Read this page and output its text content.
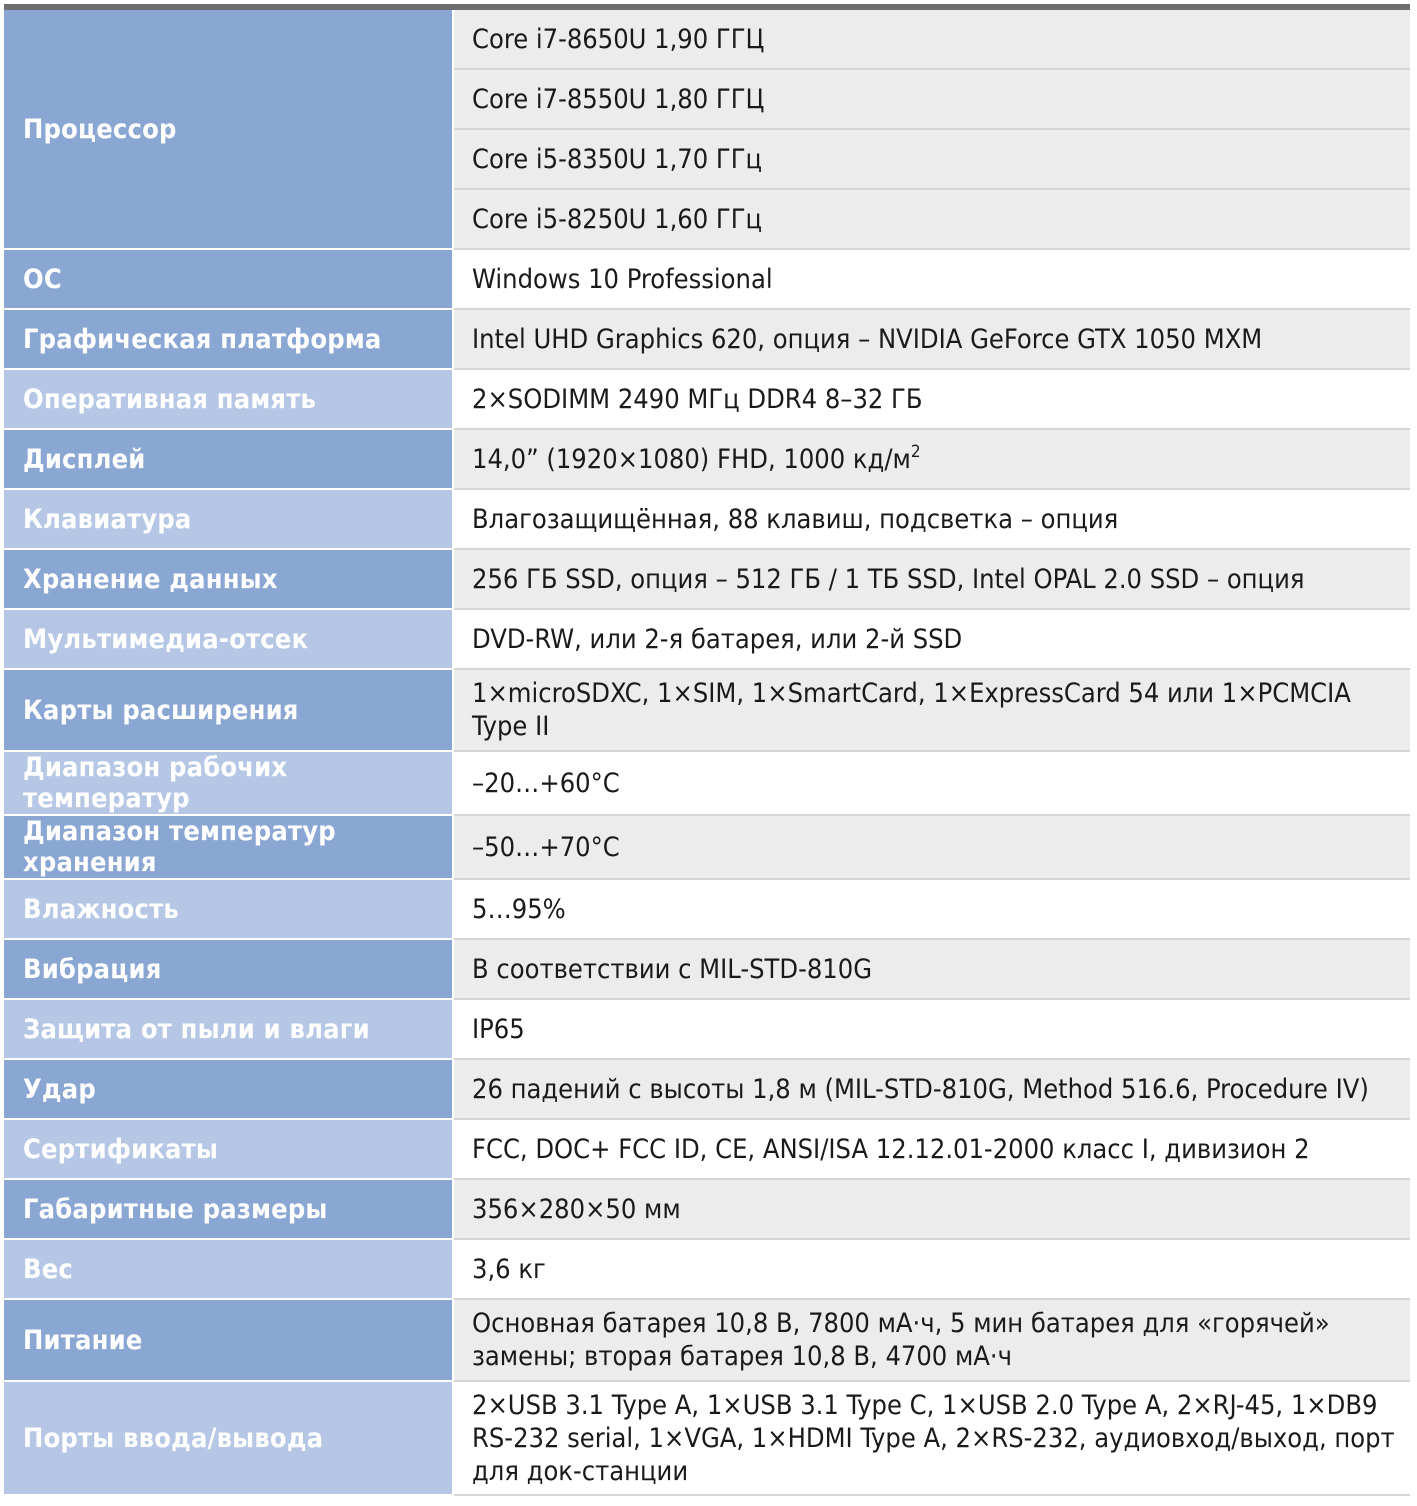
Процессор	Core i7-8650U 1,90 ГГЦ
	Core i7-8550U 1,80 ГГЦ
	Core i5-8350U 1,70 ГГц
	Core i5-8250U 1,60 ГГц
ОС	Windows 10 Professional
Графическая платформа	Intel UHD Graphics 620, опция – NVIDIA GeForce GTX 1050 MXM
Оперативная память	2×SODIMM 2490 МГц DDR4 8–32 ГБ
Дисплей	14,0” (1920×1080) FHD, 1000 $кд/м^2$
Клавиатура	Влагозащищённая, 88 клавиш, подсветка – опция
Хранение данных	256 ГБ SSD, опция – 512 ГБ / 1 ТБ SSD, Intel OPAL 2.0 SSD – опция
Мультимедиа-отсек	DVD-RW, или 2-я батарея, или 2-й SSD
Карты расширения	1×microSDXC, 1×SIM, 1×SmartCard, 1×ExpressCard 54 или 1×PCMCIA Type II
Диапазон рабочих температур	–20…+60°C
Диапазон температур хранения	–50…+70°C
Влажность	5…95%
Вибрация	В соответствии с MIL-STD-810G
Защита от пыли и влаги	IP65
Удар	26 падений с высоты 1,8 м (MIL-STD-810G, Method 516.6, Procedure IV)
Сертификаты	FCC, DOC+ FCC ID, CE, ANSI/ISA 12.12.01-2000 класс I, дивизион 2
Габаритные размеры	356×280×50 мм
Вес	3,6 кг
Питание	Основная батарея 10,8 В, 7800 мА·ч, 5 мин батарея для «горячей» замены; вторая батарея 10,8 В, 4700 мА·ч
Порты ввода/вывода	2×USB 3.1 Type A, 1×USB 3.1 Type C, 1×USB 2.0 Type A, 2×RJ-45, 1×DB9 RS-232 serial, 1×VGA, 1×HDMI Type A, 2×RS-232, аудиовход/выход, порт для док-станции
